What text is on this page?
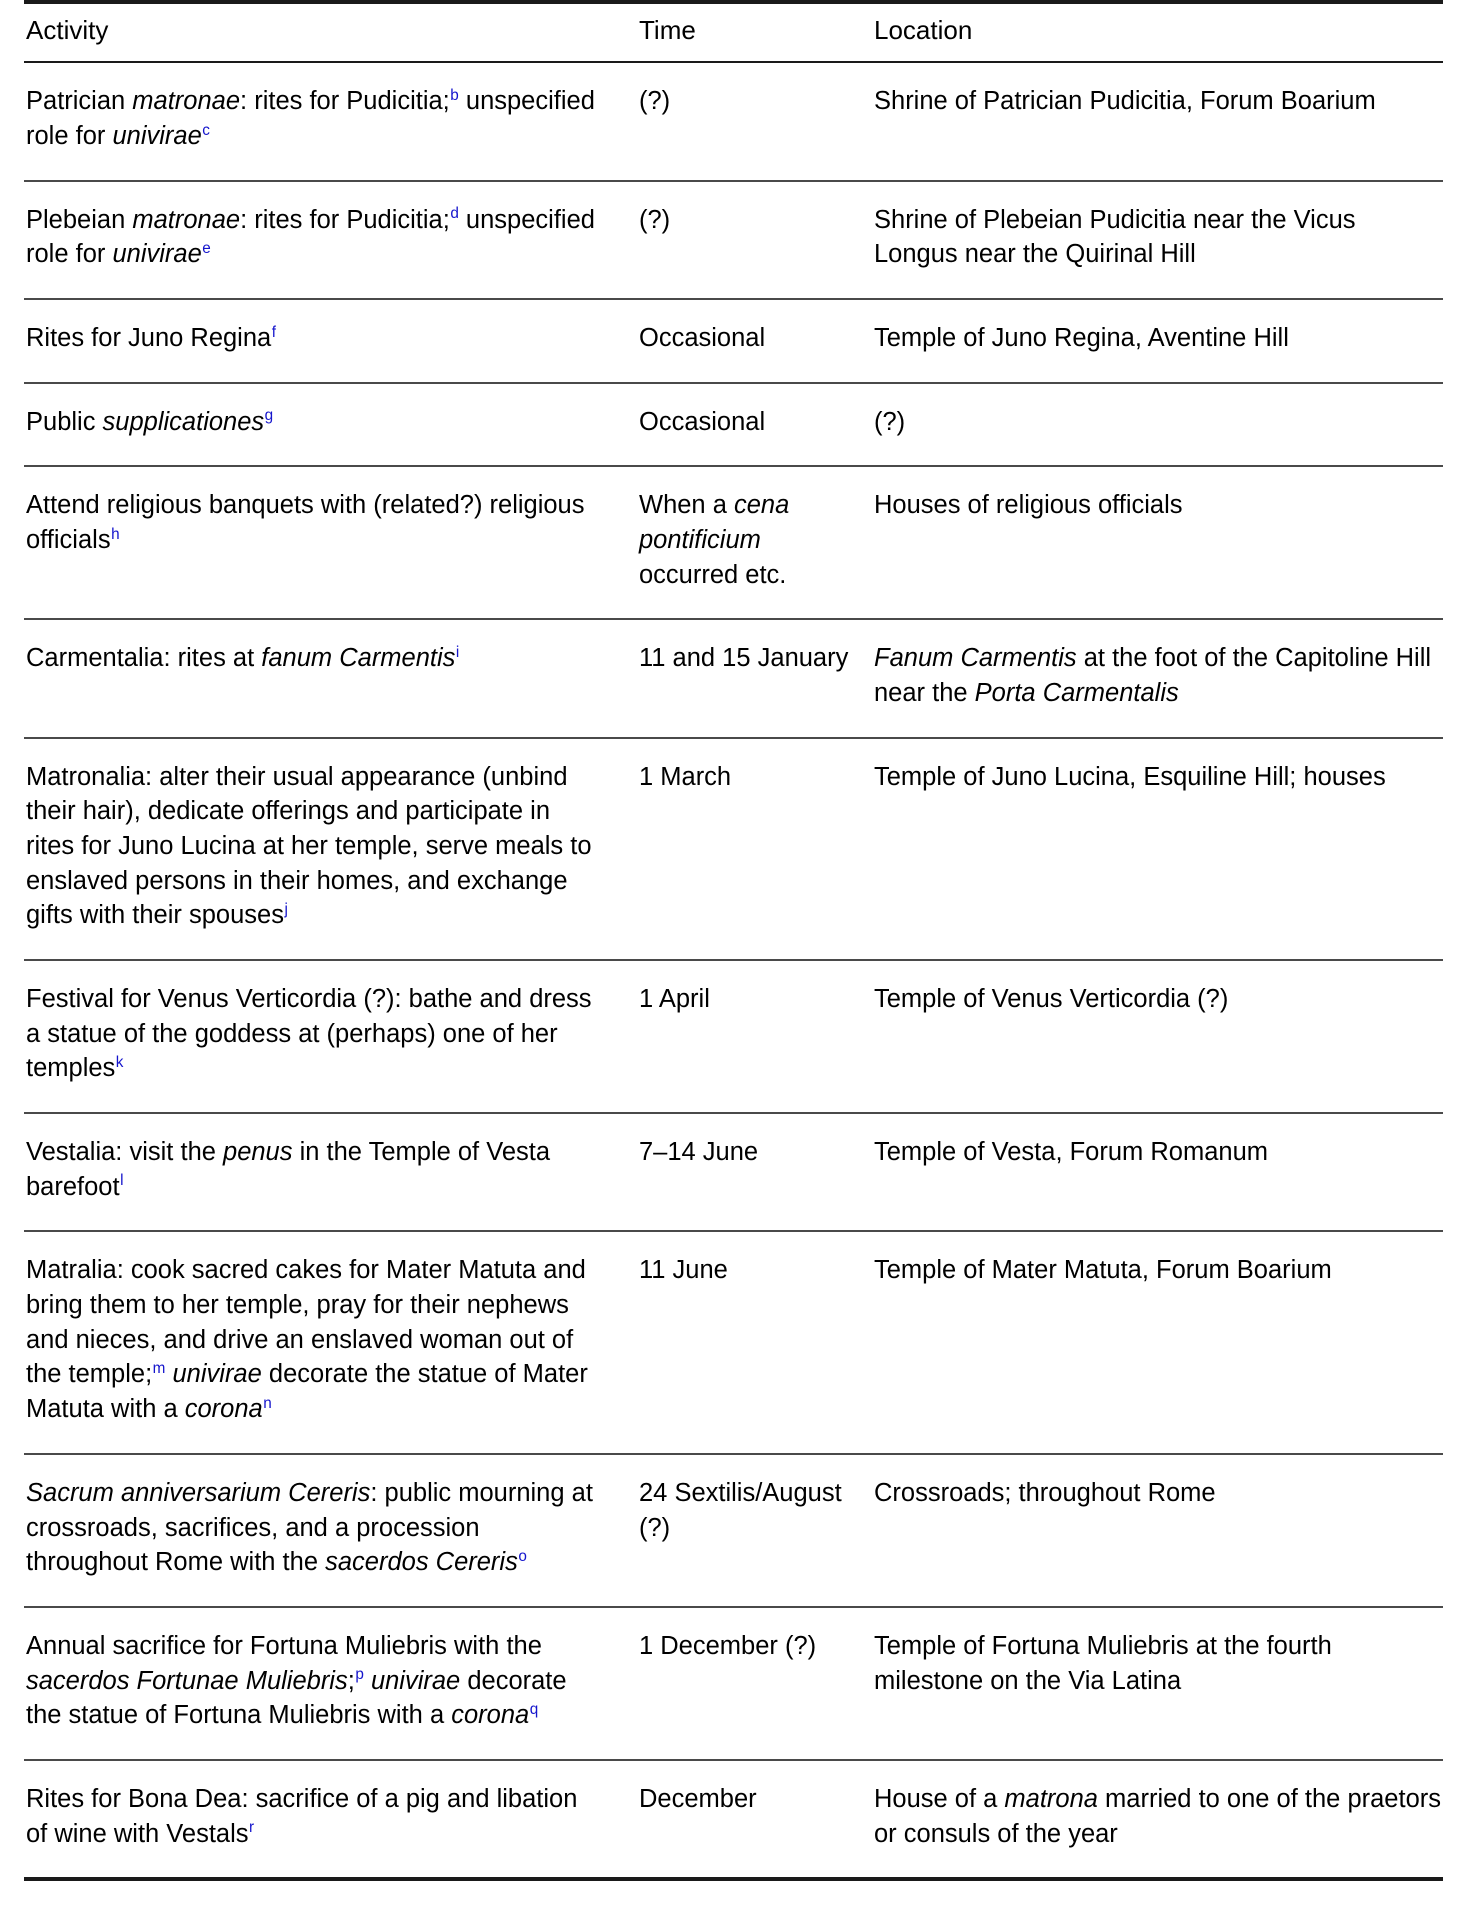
Activity	Time	Location

Patrician matronae: rites for Pudicitia;$^b$ unspecified role for univirae$^c$	(?)	Shrine of Patrician Pudicitia, Forum Boarium

Plebeian matronae: rites for Pudicitia;$^d$ unspecified role for univirae$^e$	(?)	Shrine of Plebeian Pudicitia near the Vicus Longus near the Quirinal Hill

Rites for Juno Regina$^f$	Occasional	Temple of Juno Regina, Aventine Hill

Public supplicationes$^g$	Occasional	(?)

Attend religious banquets with (related?) religious officials$^h$	When a cena pontificium occurred etc.	Houses of religious officials

Carmentalia: rites at fanum Carmentis$^i$	11 and 15 January	Fanum Carmentis at the foot of the Capitoline Hill near the Porta Carmentalis

Matronalia: alter their usual appearance (unbind their hair), dedicate offerings and participate in rites for Juno Lucina at her temple, serve meals to enslaved persons in their homes, and exchange gifts with their spouses$^j$	1 March	Temple of Juno Lucina, Esquiline Hill; houses

Festival for Venus Verticordia (?): bathe and dress a statue of the goddess at (perhaps) one of her temples$^k$	1 April	Temple of Venus Verticordia (?)

Vestalia: visit the penus in the Temple of Vesta barefoot$^l$	7–14 June	Temple of Vesta, Forum Romanum

Matralia: cook sacred cakes for Mater Matuta and bring them to her temple, pray for their nephews and nieces, and drive an enslaved woman out of the temple;$^m$ univirae decorate the statue of Mater Matuta with a corona$^n$	11 June	Temple of Mater Matuta, Forum Boarium

Sacrum anniversarium Cereris: public mourning at crossroads, sacrifices, and a procession throughout Rome with the sacerdos Cereris$^o$	24 Sextilis/August (?)	Crossroads; throughout Rome

Annual sacrifice for Fortuna Muliebris with the sacerdos Fortunae Muliebris;$^p$ univirae decorate the statue of Fortuna Muliebris with a corona$^q$	1 December (?)	Temple of Fortuna Muliebris at the fourth milestone on the Via Latina

Rites for Bona Dea: sacrifice of a pig and libation of wine with Vestals$^r$	December	House of a matrona married to one of the praetors or consuls of the year
